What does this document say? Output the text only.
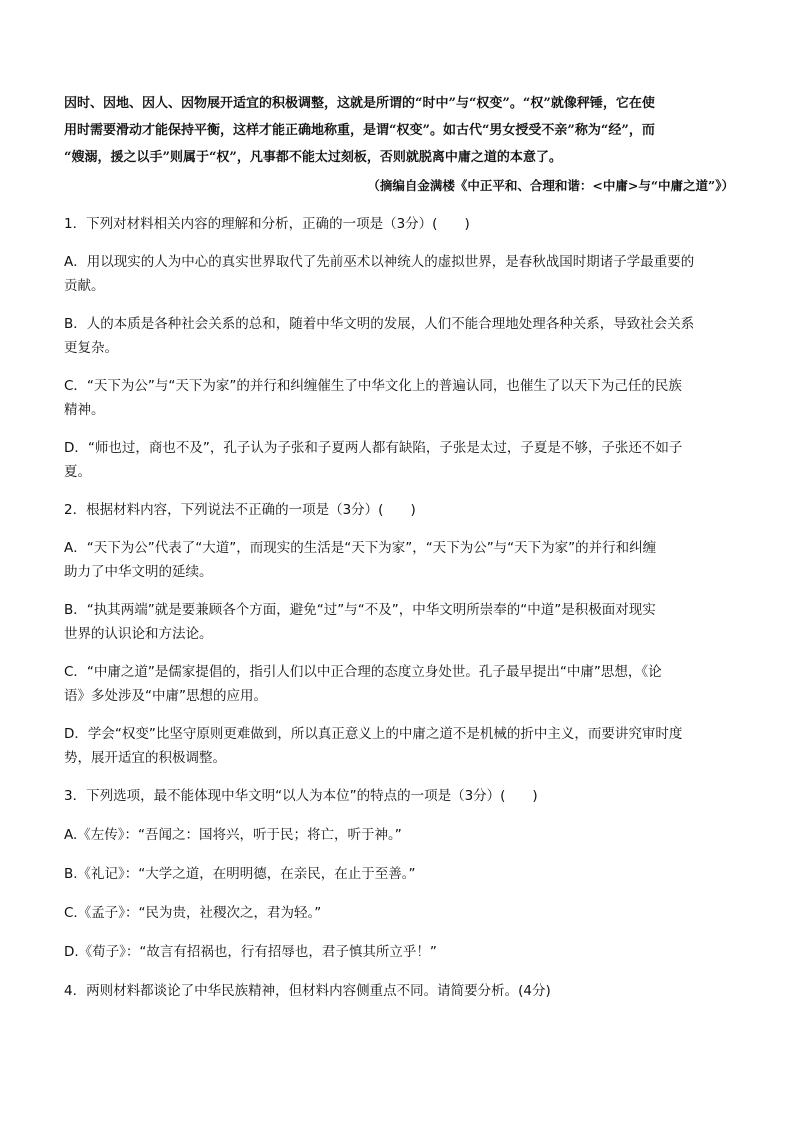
因时、因地、因人、因物展开适宜的积极调整，这就是所谓的“时中”与“权变”。“权”就像秤锤，它在使
用时需要滑动才能保持平衡，这样才能正确地称重，是谓“权变”。如古代“男女授受不亲”称为“经”，而
“嫂溺，援之以手”则属于“权”，凡事都不能太过刻板，否则就脱离中庸之道的本意了。
（摘编自金满楼《中正平和、合理和谐：<中庸>与“中庸之道”》）
1．下列对材料相关内容的理解和分析，正确的一项是（3分）(　　)
A．用以现实的人为中心的真实世界取代了先前巫术以神统人的虚拟世界，是春秋战国时期诸子学最重要的
贡献。
B．人的本质是各种社会关系的总和，随着中华文明的发展，人们不能合理地处理各种关系，导致社会关系
更复杂。
C．“天下为公”与“天下为家”的并行和纠缠催生了中华文化上的普遍认同，也催生了以天下为己任的民族
精神。
D．“师也过，商也不及”，孔子认为子张和子夏两人都有缺陷，子张是太过，子夏是不够，子张还不如子
夏。
2．根据材料内容，下列说法不正确的一项是（3分）(　　)
A．“天下为公”代表了“大道”，而现实的生活是“天下为家”，“天下为公”与“天下为家”的并行和纠缠
助力了中华文明的延续。
B．“执其两端”就是要兼顾各个方面，避免“过”与“不及”，中华文明所崇奉的“中道”是积极面对现实
世界的认识论和方法论。
C．“中庸之道”是儒家提倡的，指引人们以中正合理的态度立身处世。孔子最早提出“中庸”思想，《论
语》多处涉及“中庸”思想的应用。
D．学会“权变”比坚守原则更难做到，所以真正意义上的中庸之道不是机械的折中主义，而要讲究审时度
势，展开适宜的积极调整。
3．下列选项，最不能体现中华文明“以人为本位”的特点的一项是（3分）(　　)
A.《左传》：“吾闻之：国将兴，听于民；将亡，听于神。”
B.《礼记》：“大学之道，在明明德，在亲民，在止于至善。”
C.《孟子》：“民为贵，社稷次之，君为轻。”
D.《荀子》：“故言有招祸也，行有招辱也，君子慎其所立乎！”
4．两则材料都谈论了中华民族精神，但材料内容侧重点不同。请简要分析。(4分)
